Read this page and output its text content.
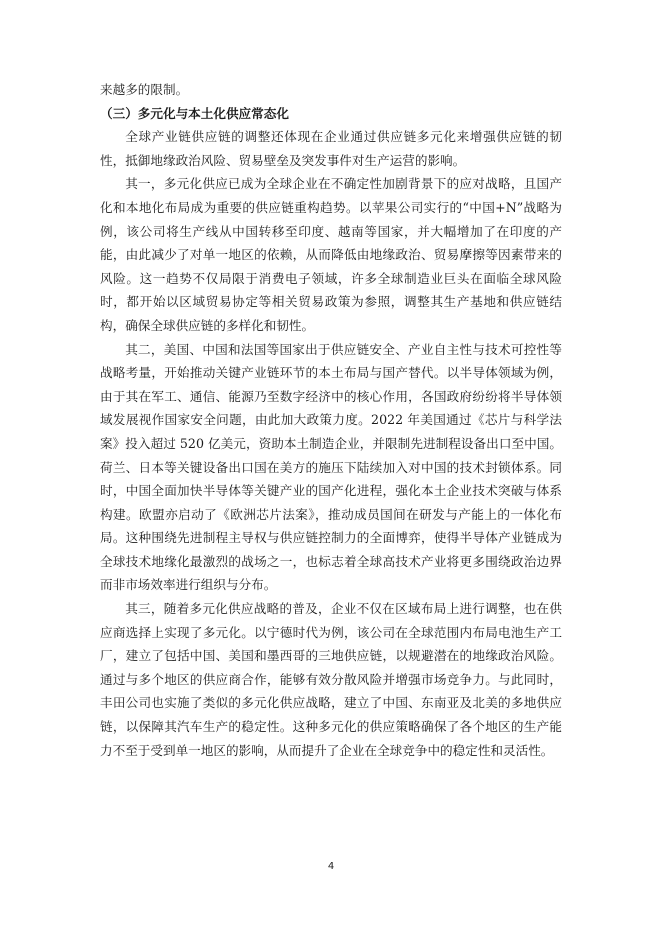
来越多的限制。

（三）多元化与本土化供应常态化

全球产业链供应链的调整还体现在企业通过供应链多元化来增强供应链的韧性，抵御地缘政治风险、贸易壁垒及突发事件对生产运营的影响。

其一，多元化供应已成为全球企业在不确定性加剧背景下的应对战略，且国产化和本地化布局成为重要的供应链重构趋势。以苹果公司实行的“中国+N”战略为例，该公司将生产线从中国转移至印度、越南等国家，并大幅增加了在印度的产能，由此减少了对单一地区的依赖，从而降低由地缘政治、贸易摩擦等因素带来的风险。这一趋势不仅局限于消费电子领域，许多全球制造业巨头在面临全球风险时，都开始以区域贸易协定等相关贸易政策为参照，调整其生产基地和供应链结构，确保全球供应链的多样化和韧性。

其二，美国、中国和法国等国家出于供应链安全、产业自主性与技术可控性等战略考量，开始推动关键产业链环节的本土布局与国产替代。以半导体领域为例，由于其在军工、通信、能源乃至数字经济中的核心作用，各国政府纷纷将半导体领域发展视作国家安全问题，由此加大政策力度。2022 年美国通过《芯片与科学法案》投入超过 520 亿美元，资助本土制造企业，并限制先进制程设备出口至中国。荷兰、日本等关键设备出口国在美方的施压下陆续加入对中国的技术封锁体系。同时，中国全面加快半导体等关键产业的国产化进程，强化本土企业技术突破与体系构建。欧盟亦启动了《欧洲芯片法案》，推动成员国间在研发与产能上的一体化布局。这种围绕先进制程主导权与供应链控制力的全面博弈，使得半导体产业链成为全球技术地缘化最激烈的战场之一，也标志着全球高技术产业将更多围绕政治边界而非市场效率进行组织与分布。

其三，随着多元化供应战略的普及，企业不仅在区域布局上进行调整，也在供应商选择上实现了多元化。以宁德时代为例，该公司在全球范围内布局电池生产工厂，建立了包括中国、美国和墨西哥的三地供应链，以规避潜在的地缘政治风险。通过与多个地区的供应商合作，能够有效分散风险并增强市场竞争力。与此同时，丰田公司也实施了类似的多元化供应战略，建立了中国、东南亚及北美的多地供应链，以保障其汽车生产的稳定性。这种多元化的供应策略确保了各个地区的生产能力不至于受到单一地区的影响，从而提升了企业在全球竞争中的稳定性和灵活性。

4
